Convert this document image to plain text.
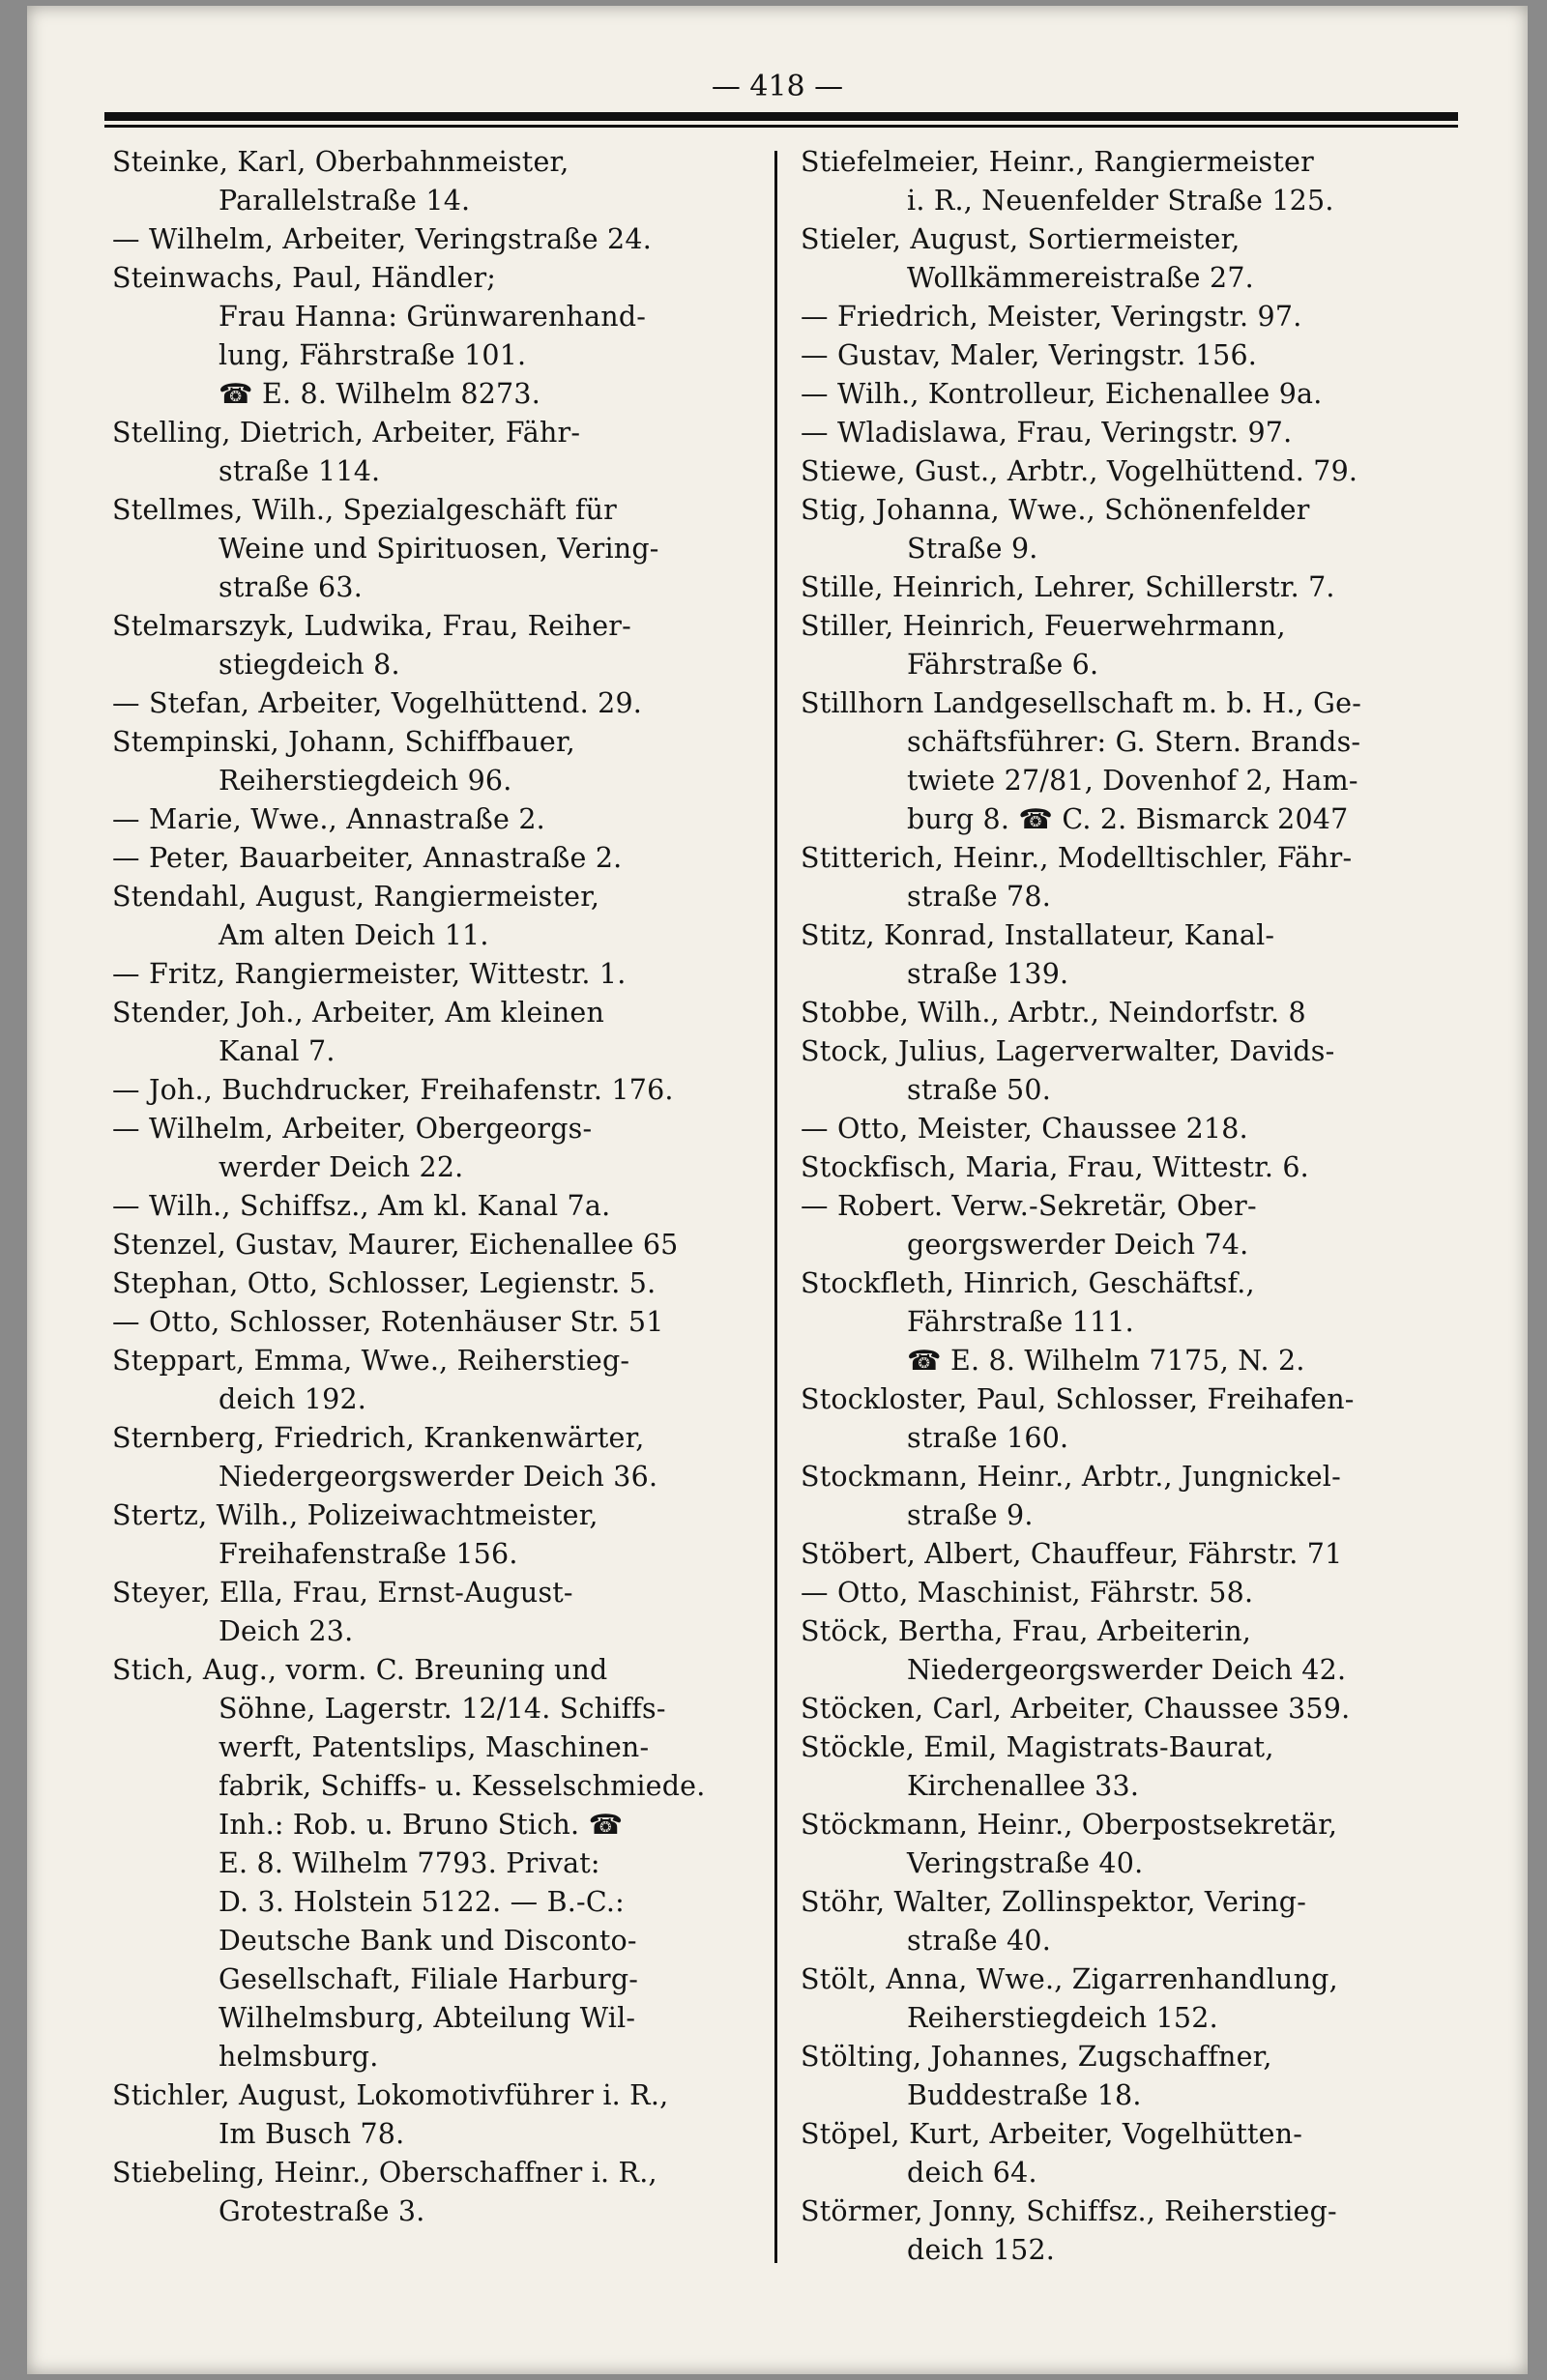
— 418 —
Steinke, Karl, Oberbahnmeister,
Parallelstraße 14.
— Wilhelm, Arbeiter, Veringstraße 24.
Steinwachs, Paul, Händler;
Frau Hanna: Grünwarenhand-
lung, Fährstraße 101.
☎ E. 8. Wilhelm 8273.
Stelling, Dietrich, Arbeiter, Fähr-
straße 114.
Stellmes, Wilh., Spezialgeschäft für
Weine und Spirituosen, Vering-
straße 63.
Stelmarszyk, Ludwika, Frau, Reiher-
stiegdeich 8.
— Stefan, Arbeiter, Vogelhüttend. 29.
Stempinski, Johann, Schiffbauer,
Reiherstiegdeich 96.
— Marie, Wwe., Annastraße 2.
— Peter, Bauarbeiter, Annastraße 2.
Stendahl, August, Rangiermeister,
Am alten Deich 11.
— Fritz, Rangiermeister, Wittestr. 1.
Stender, Joh., Arbeiter, Am kleinen
Kanal 7.
— Joh., Buchdrucker, Freihafenstr. 176.
— Wilhelm, Arbeiter, Obergeorgs-
werder Deich 22.
— Wilh., Schiffsz., Am kl. Kanal 7a.
Stenzel, Gustav, Maurer, Eichenallee 65
Stephan, Otto, Schlosser, Legienstr. 5.
— Otto, Schlosser, Rotenhäuser Str. 51
Steppart, Emma, Wwe., Reiherstieg-
deich 192.
Sternberg, Friedrich, Krankenwärter,
Niedergeorgswerder Deich 36.
Stertz, Wilh., Polizeiwachtmeister,
Freihafenstraße 156.
Steyer, Ella, Frau, Ernst-August-
Deich 23.
Stich, Aug., vorm. C. Breuning und
Söhne, Lagerstr. 12/14. Schiffs-
werft, Patentslips, Maschinen-
fabrik, Schiffs- u. Kesselschmiede.
Inh.: Rob. u. Bruno Stich. ☎
E. 8. Wilhelm 7793. Privat:
D. 3. Holstein 5122. — B.-C.:
Deutsche Bank und Disconto-
Gesellschaft, Filiale Harburg-
Wilhelmsburg, Abteilung Wil-
helmsburg.
Stichler, August, Lokomotivführer i. R.,
Im Busch 78.
Stiebeling, Heinr., Oberschaffner i. R.,
Grotestraße 3.
Stiefelmeier, Heinr., Rangiermeister
i. R., Neuenfelder Straße 125.
Stieler, August, Sortiermeister,
Wollkämmereistraße 27.
— Friedrich, Meister, Veringstr. 97.
— Gustav, Maler, Veringstr. 156.
— Wilh., Kontrolleur, Eichenallee 9a.
— Wladislawa, Frau, Veringstr. 97.
Stiewe, Gust., Arbtr., Vogelhüttend. 79.
Stig, Johanna, Wwe., Schönenfelder
Straße 9.
Stille, Heinrich, Lehrer, Schillerstr. 7.
Stiller, Heinrich, Feuerwehrmann,
Fährstraße 6.
Stillhorn Landgesellschaft m. b. H., Ge-
schäftsführer: G. Stern. Brands-
twiete 27/81, Dovenhof 2, Ham-
burg 8. ☎ C. 2. Bismarck 2047
Stitterich, Heinr., Modelltischler, Fähr-
straße 78.
Stitz, Konrad, Installateur, Kanal-
straße 139.
Stobbe, Wilh., Arbtr., Neindorfstr. 8
Stock, Julius, Lagerverwalter, Davids-
straße 50.
— Otto, Meister, Chaussee 218.
Stockfisch, Maria, Frau, Wittestr. 6.
— Robert. Verw.-Sekretär, Ober-
georgswerder Deich 74.
Stockfleth, Hinrich, Geschäftsf.,
Fährstraße 111.
☎ E. 8. Wilhelm 7175, N. 2.
Stockloster, Paul, Schlosser, Freihafen-
straße 160.
Stockmann, Heinr., Arbtr., Jungnickel-
straße 9.
Stöbert, Albert, Chauffeur, Fährstr. 71
— Otto, Maschinist, Fährstr. 58.
Stöck, Bertha, Frau, Arbeiterin,
Niedergeorgswerder Deich 42.
Stöcken, Carl, Arbeiter, Chaussee 359.
Stöckle, Emil, Magistrats-Baurat,
Kirchenallee 33.
Stöckmann, Heinr., Oberpostsekretär,
Veringstraße 40.
Stöhr, Walter, Zollinspektor, Vering-
straße 40.
Stölt, Anna, Wwe., Zigarrenhandlung,
Reiherstiegdeich 152.
Stölting, Johannes, Zugschaffner,
Buddestraße 18.
Stöpel, Kurt, Arbeiter, Vogelhütten-
deich 64.
Störmer, Jonny, Schiffsz., Reiherstieg-
deich 152.
